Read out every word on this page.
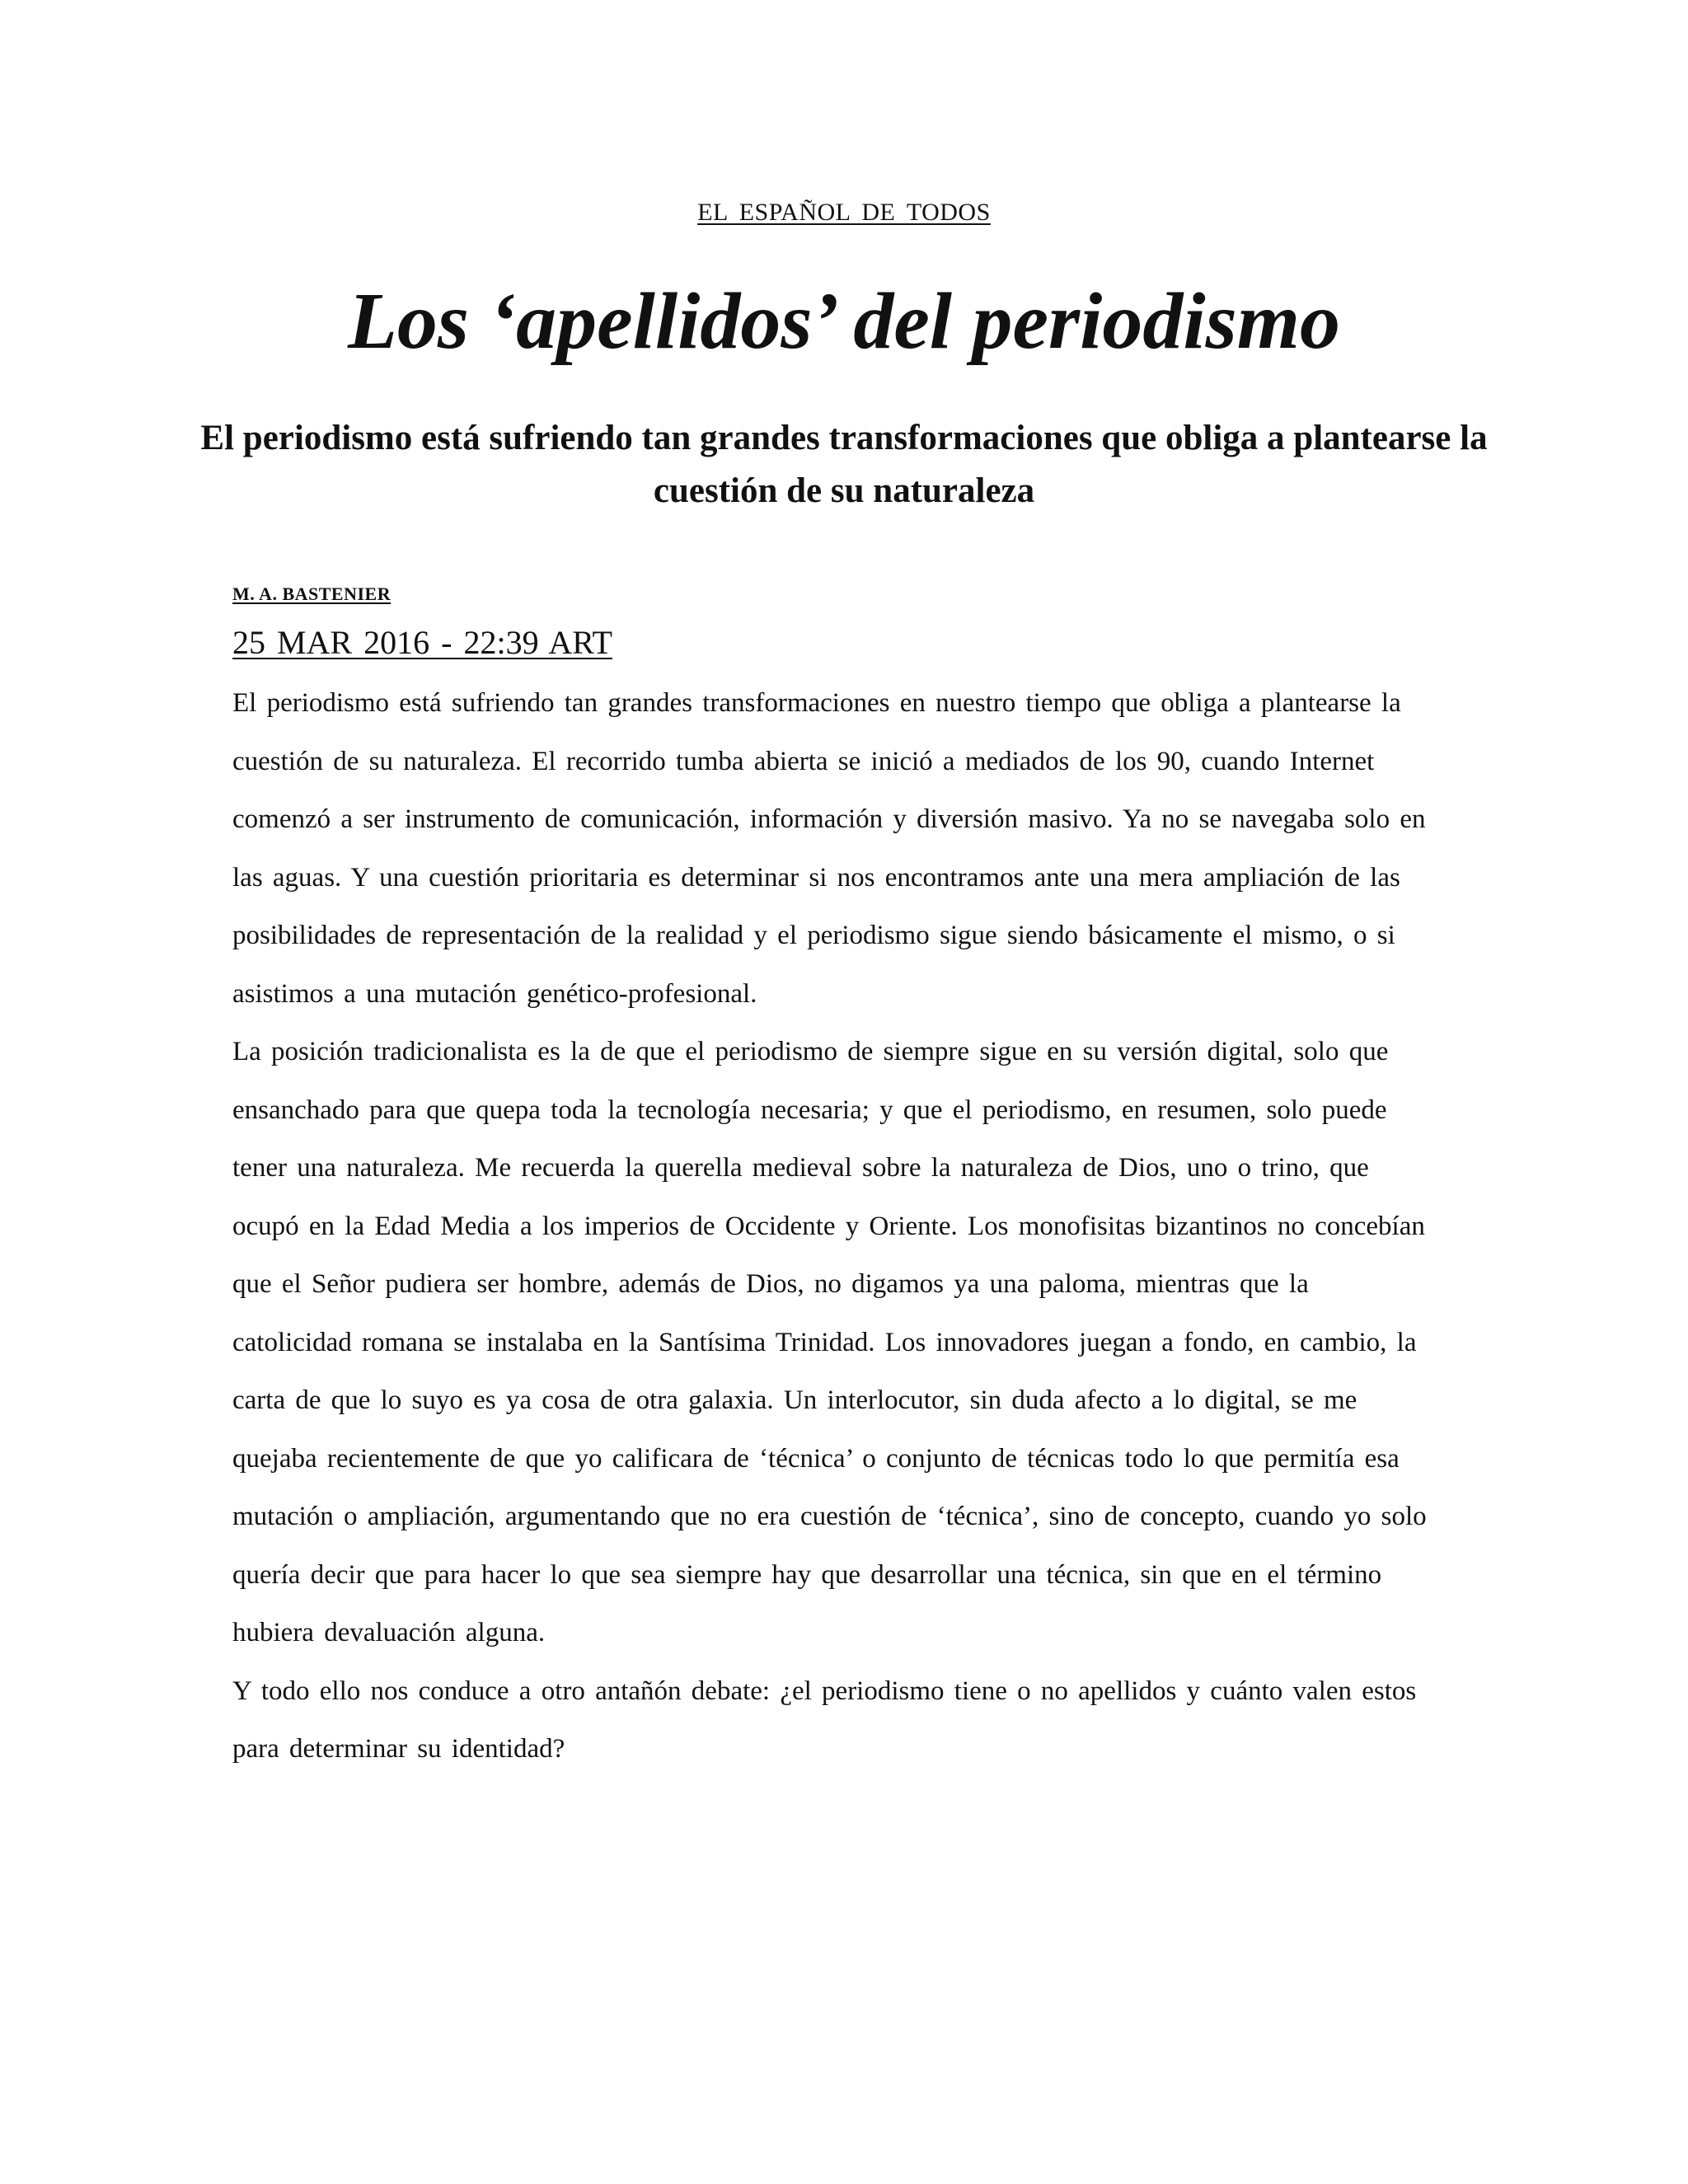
EL ESPAÑOL DE TODOS
Los ‘apellidos’ del periodismo
El periodismo está sufriendo tan grandes transformaciones que obliga a plantearse la cuestión de su naturaleza
M. A. BASTENIER
25 MAR 2016 - 22:39 ART

El periodismo está sufriendo tan grandes transformaciones en nuestro tiempo que obliga a plantearse la cuestión de su naturaleza. El recorrido tumba abierta se inició a mediados de los 90, cuando Internet comenzó a ser instrumento de comunicación, información y diversión masivo. Ya no se navegaba solo en las aguas. Y una cuestión prioritaria es determinar si nos encontramos ante una mera ampliación de las posibilidades de representación de la realidad y el periodismo sigue siendo básicamente el mismo, o si asistimos a una mutación genético-profesional.

La posición tradicionalista es la de que el periodismo de siempre sigue en su versión digital, solo que ensanchado para que quepa toda la tecnología necesaria; y que el periodismo, en resumen, solo puede tener una naturaleza. Me recuerda la querella medieval sobre la naturaleza de Dios, uno o trino, que ocupó en la Edad Media a los imperios de Occidente y Oriente. Los monofisitas bizantinos no concebían que el Señor pudiera ser hombre, además de Dios, no digamos ya una paloma, mientras que la catolicidad romana se instalaba en la Santísima Trinidad. Los innovadores juegan a fondo, en cambio, la carta de que lo suyo es ya cosa de otra galaxia. Un interlocutor, sin duda afecto a lo digital, se me quejaba recientemente de que yo calificara de ‘técnica’ o conjunto de técnicas todo lo que permitía esa mutación o ampliación, argumentando que no era cuestión de ‘técnica’, sino de concepto, cuando yo solo quería decir que para hacer lo que sea siempre hay que desarrollar una técnica, sin que en el término hubiera devaluación alguna.

Y todo ello nos conduce a otro antañón debate: ¿el periodismo tiene o no apellidos y cuánto valen estos para determinar su identidad?
